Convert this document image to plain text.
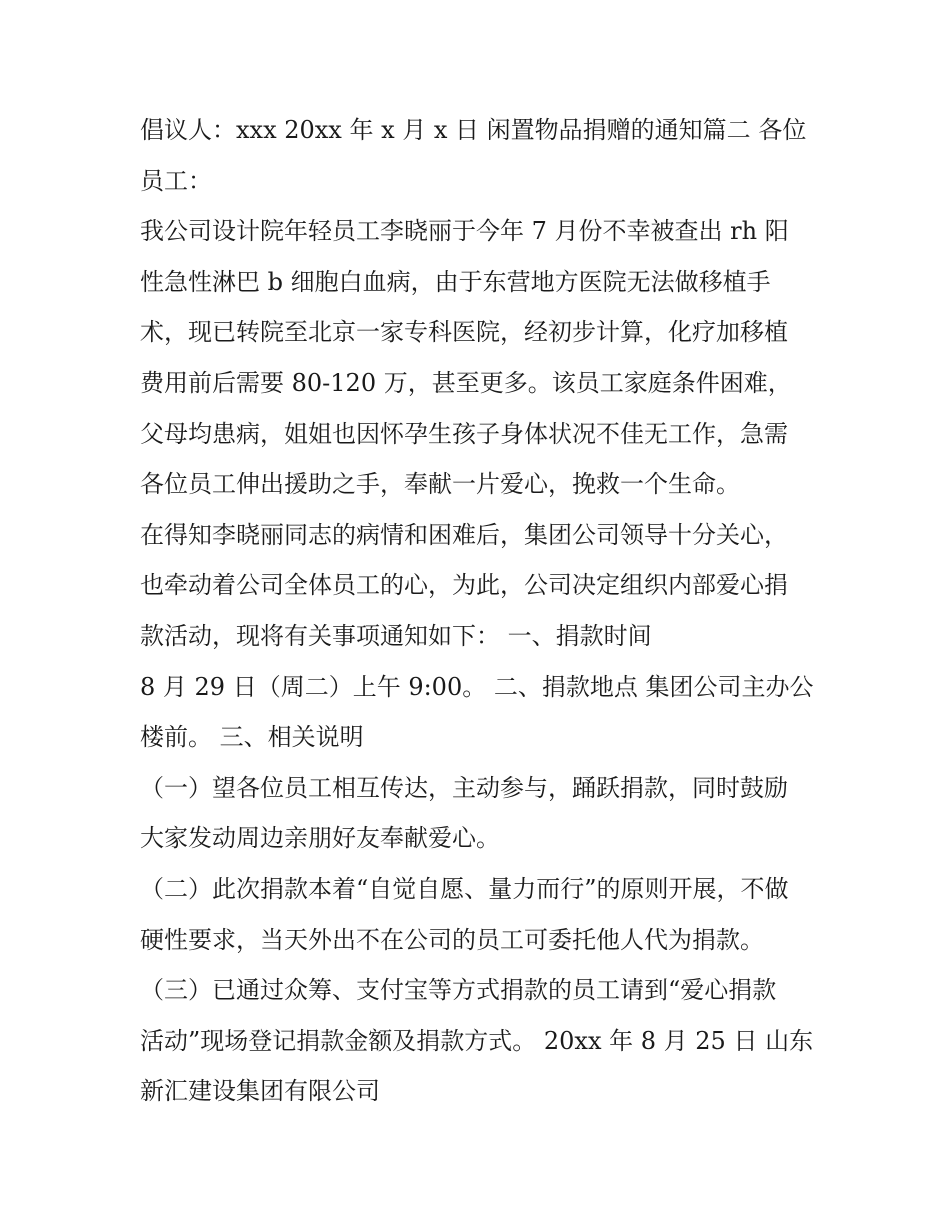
倡议人：xxx 20xx 年 x 月 x 日 闲置物品捐赠的通知篇二 各位
员工：
我公司设计院年轻员工李晓丽于今年 7 月份不幸被查出 rh 阳
性急性淋巴 b 细胞白血病，由于东营地方医院无法做移植手
术，现已转院至北京一家专科医院，经初步计算，化疗加移植
费用前后需要 80-120 万，甚至更多。该员工家庭条件困难，
父母均患病，姐姐也因怀孕生孩子身体状况不佳无工作，急需
各位员工伸出援助之手，奉献一片爱心，挽救一个生命。
在得知李晓丽同志的病情和困难后，集团公司领导十分关心，
也牵动着公司全体员工的心，为此，公司决定组织内部爱心捐
款活动，现将有关事项通知如下： 一、捐款时间
8 月 29 日（周二）上午 9:00。 二、捐款地点 集团公司主办公
楼前。 三、相关说明
（一）望各位员工相互传达，主动参与，踊跃捐款，同时鼓励
大家发动周边亲朋好友奉献爱心。
（二）此次捐款本着“自觉自愿、量力而行”的原则开展，不做
硬性要求，当天外出不在公司的员工可委托他人代为捐款。
（三）已通过众筹、支付宝等方式捐款的员工请到“爱心捐款
活动”现场登记捐款金额及捐款方式。 20xx 年 8 月 25 日 山东
新汇建设集团有限公司
